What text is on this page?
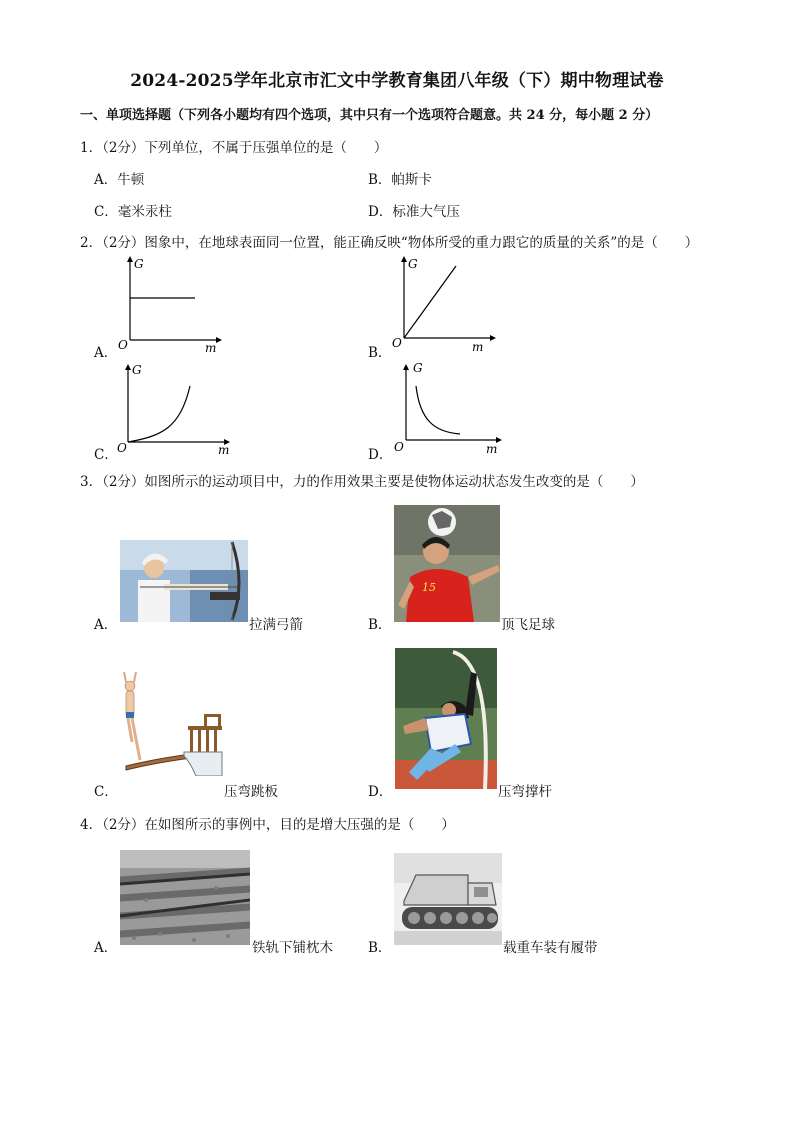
2024-2025学年北京市汇文中学教育集团八年级（下）期中物理试卷
一、单项选择题（下列各小题均有四个选项，其中只有一个选项符合题意。共 24 分，每小题 2 分）
1．（2分）下列单位，不属于压强单位的是（　　）
A．牛顿	B．帕斯卡
C．毫米汞柱	D．标准大气压
2．（2分）图象中，在地球表面同一位置，能正确反映“物体所受的重力跟它的质量的关系”的是（　　）
A．
G
m
O	B．
G
m
O
C．
G
m
O	D．
G
m
O
3．（2分）如图所示的运动项目中，力的作用效果主要是使物体运动状态发生改变的是（　　）
A．	拉满弓箭	B．
15
顶飞足球
C．	压弯跳板	D．	压弯撑杆
4．（2分）在如图所示的事例中，目的是增大压强的是（　　）
A．	铁轨下铺枕木	B．	载重车装有履带
